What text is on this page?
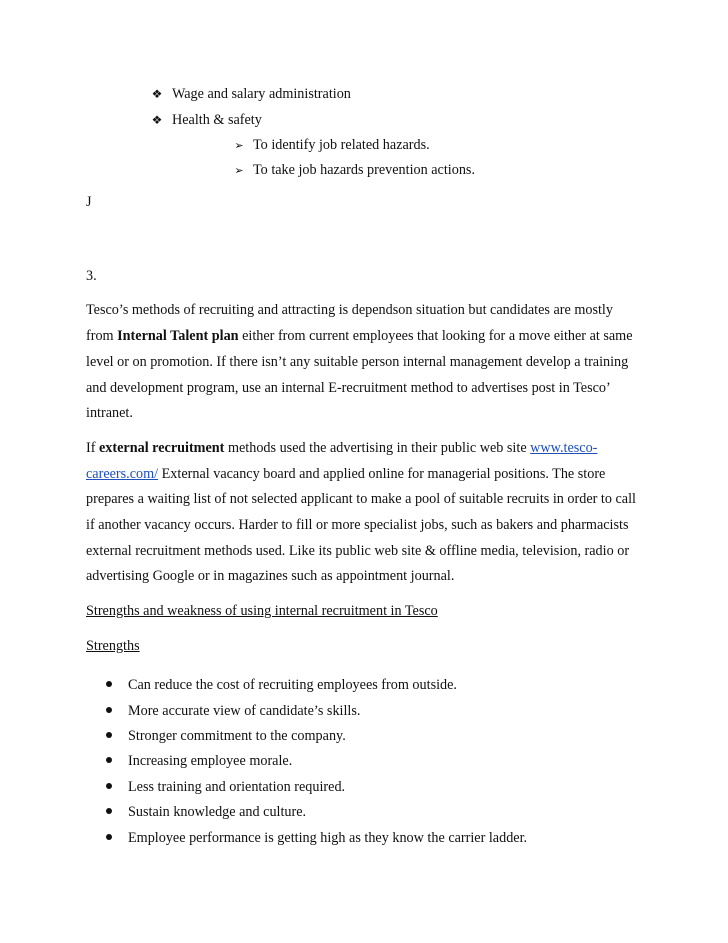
❖ Wage and salary administration
❖ Health & safety
➢ To identify job related hazards.
➢ To take job hazards prevention actions.
J
3.
Tesco’s methods of recruiting and attracting is dependson situation but candidates are mostly
from Internal Talent plan either from current employees that looking for a move either at same
level or on promotion. If there isn’t any suitable person internal management develop a training
and development program, use an internal E-recruitment method to advertises post in Tesco’
intranet.
If external recruitment methods used the advertising in their public web site www.tesco-
careers.com/ External vacancy board and applied online for managerial positions. The store
prepares a waiting list of not selected applicant to make a pool of suitable recruits in order to call
if another vacancy occurs. Harder to fill or more specialist jobs, such as bakers and pharmacists
external recruitment methods used. Like its public web site & offline media, television, radio or
advertising Google or in magazines such as appointment journal.
Strengths and weakness of using internal recruitment in Tesco
Strengths
Can reduce the cost of recruiting employees from outside.
More accurate view of candidate’s skills.
Stronger commitment to the company.
Increasing employee morale.
Less training and orientation required.
Sustain knowledge and culture.
Employee performance is getting high as they know the carrier ladder.
